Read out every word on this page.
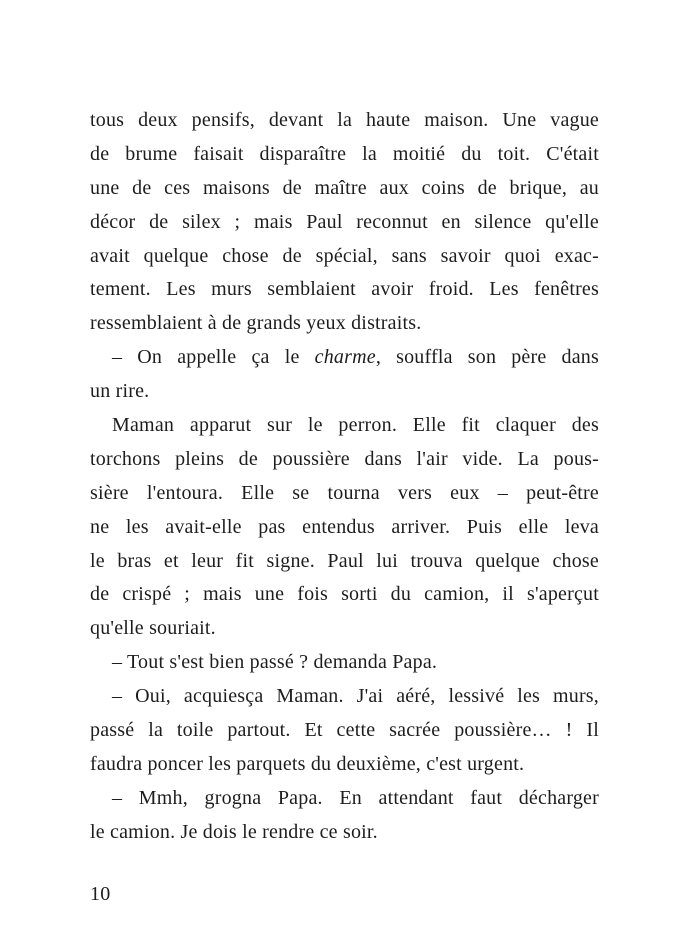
tous deux pensifs, devant la haute maison. Une vague
de brume faisait disparaître la moitié du toit. C'était
une de ces maisons de maître aux coins de brique, au
décor de silex ; mais Paul reconnut en silence qu'elle
avait quelque chose de spécial, sans savoir quoi exac-
tement. Les murs semblaient avoir froid. Les fenêtres
ressemblaient à de grands yeux distraits.
– On appelle ça le charme, souffla son père dans
un rire.
Maman apparut sur le perron. Elle fit claquer des
torchons pleins de poussière dans l'air vide. La pous-
sière l'entoura. Elle se tourna vers eux – peut-être
ne les avait-elle pas entendus arriver. Puis elle leva
le bras et leur fit signe. Paul lui trouva quelque chose
de crispé ; mais une fois sorti du camion, il s'aperçut
qu'elle souriait.
– Tout s'est bien passé ? demanda Papa.
– Oui, acquiesça Maman. J'ai aéré, lessivé les murs,
passé la toile partout. Et cette sacrée poussière… ! Il
faudra poncer les parquets du deuxième, c'est urgent.
– Mmh, grogna Papa. En attendant faut décharger
le camion. Je dois le rendre ce soir.
10
